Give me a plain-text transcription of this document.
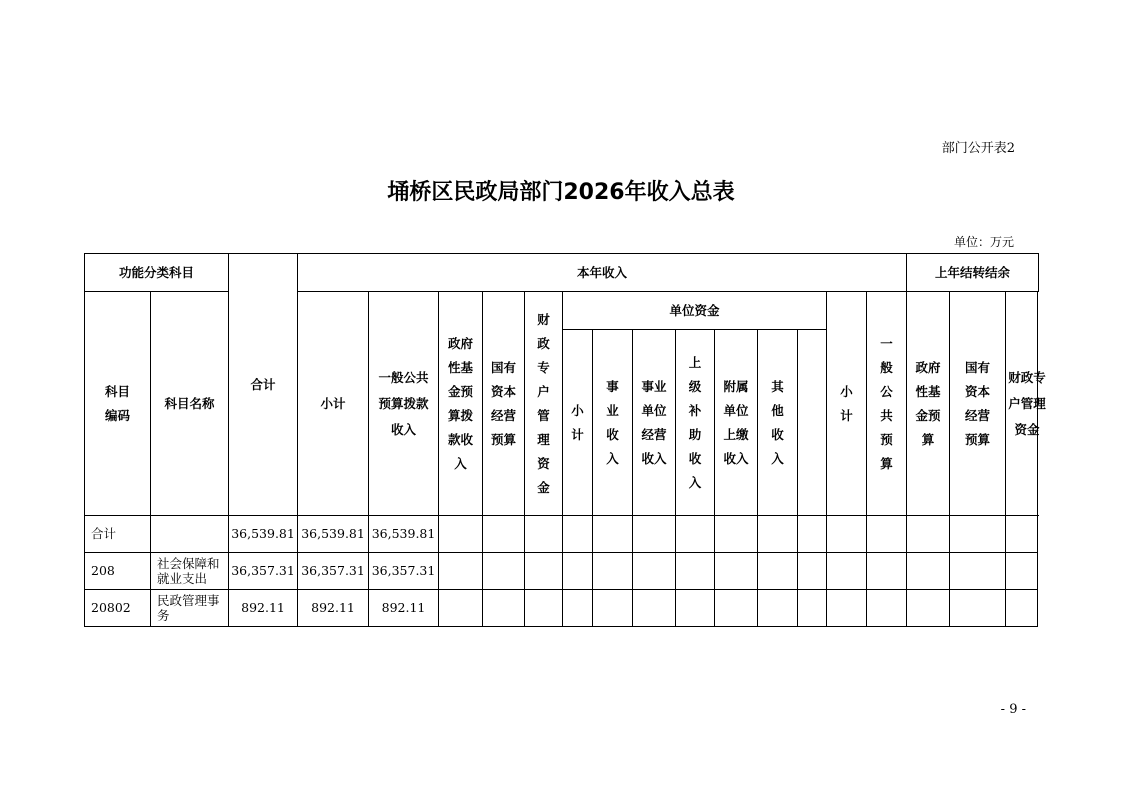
部门公开表2
埇桥区民政局部门2026年收入总表
单位：万元
功能分类科目		合计	本年收入														上年结转结余			
科目编码	科目名称		小计	一般公共预算拨款收入	政府性基金预算拨款收入	国有资本经营预算	财政专户管理资金	单位资金							小计	一般公共预算	政府性基金预算	国有资本经营预算	财政专户管理资金	
								小计	事业收入	事业单位经营收入	上级补助收入	附属单位上缴收入	其他收入							
合计		36,539.81	36,539.81	36,539.81																
208	社会保障和就业支出	36,357.31	36,357.31	36,357.31																
20802	民政管理事务	892.11	892.11	892.11																
- 9 -
